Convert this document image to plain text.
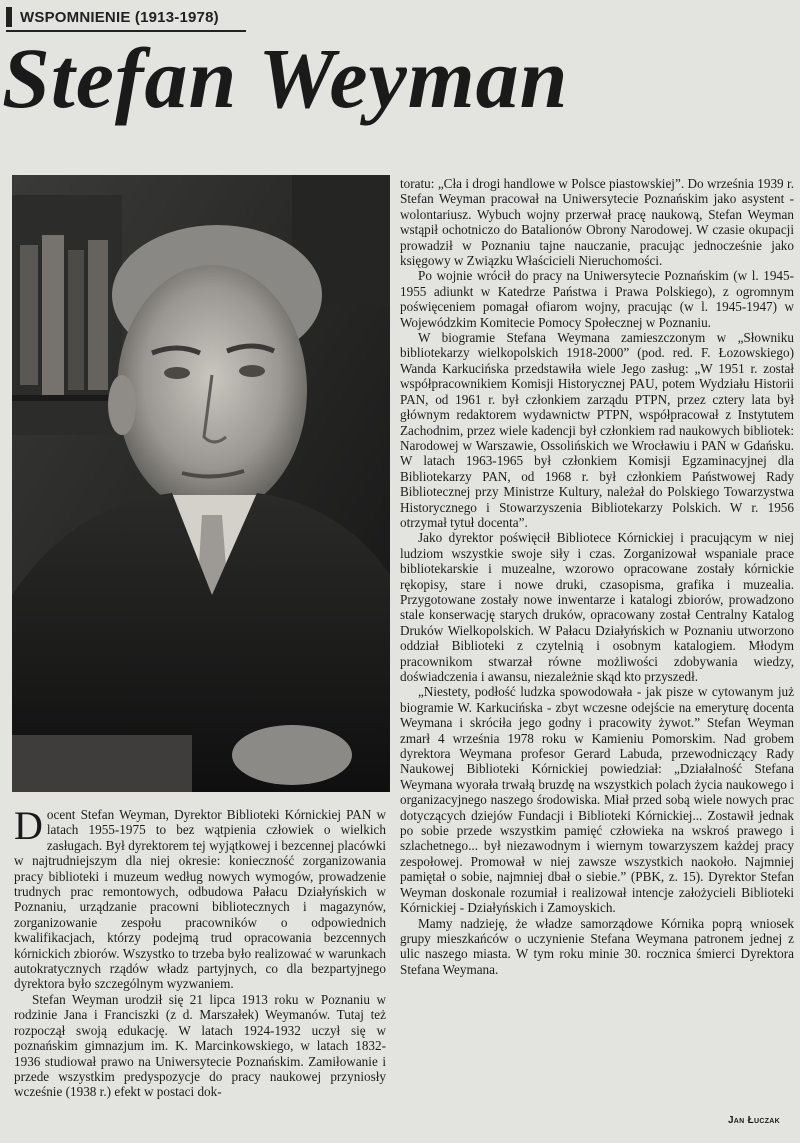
WSPOMNIENIE (1913-1978)
Stefan Weyman

D ocent Stefan Weyman, Dyrektor Biblioteki Kórnickiej PAN w latach 1955-1975 to bez wątpienia człowiek o wielkich zasługach. Był dyrektorem tej wyjątkowej i bezcennej placówki w najtrudniejszym dla niej okresie: konieczność zorganizowania pracy biblioteki i muzeum według nowych wymogów, prowadzenie trudnych prac remontowych, odbudowa Pałacu Działyńskich w Poznaniu, urządzanie pracowni bibliotecznych i magazynów, zorganizowanie zespołu pracowników o odpowiednich kwalifikacjach, którzy podejmą trud opracowania bezcennych kórnickich zbiorów. Wszystko to trzeba było realizować w warunkach autokratycznych rządów władz partyjnych, co dla bezpartyjnego dyrektora było szczególnym wyzwaniem.

Stefan Weyman urodził się 21 lipca 1913 roku w Poznaniu w rodzinie Jana i Franciszki (z d. Marszałek) Weymanów. Tutaj też rozpoczął swoją edukację. W latach 1924-1932 uczył się w poznańskim gimnazjum im. K. Marcinkowskiego, w latach 1832-1936 studiował prawo na Uniwersytecie Poznańskim. Zamiłowanie i przede wszystkim predyspozycje do pracy naukowej przyniosły wcześnie (1938 r.) efekt w postaci dok-

toratu: „Cła i drogi handlowe w Polsce piastowskiej”. Do września 1939 r. Stefan Weyman pracował na Uniwersytecie Poznańskim jako asystent - wolontariusz. Wybuch wojny przerwał pracę naukową, Stefan Weyman wstąpił ochotniczo do Batalionów Obrony Narodowej. W czasie okupacji prowadził w Poznaniu tajne nauczanie, pracując jednocześnie jako księgowy w Związku Właścicieli Nieruchomości.

Po wojnie wrócił do pracy na Uniwersytecie Poznańskim (w l. 1945-1955 adiunkt w Katedrze Państwa i Prawa Polskiego), z ogromnym poświęceniem pomagał ofiarom wojny, pracując (w l. 1945-1947) w Wojewódzkim Komitecie Pomocy Społecznej w Poznaniu.

W biogramie Stefana Weymana zamieszczonym w „Słowniku bibliotekarzy wielkopolskich 1918-2000” (pod. red. F. Łozowskiego) Wanda Karkucińska przedstawiła wiele Jego zasług: „W 1951 r. został współpracownikiem Komisji Historycznej PAU, potem Wydziału Historii PAN, od 1961 r. był członkiem zarządu PTPN, przez cztery lata był głównym redaktorem wydawnictw PTPN, współpracował z Instytutem Zachodnim, przez wiele kadencji był członkiem rad naukowych bibliotek: Narodowej w Warszawie, Ossolińskich we Wrocławiu i PAN w Gdańsku. W latach 1963-1965 był członkiem Komisji Egzaminacyjnej dla Bibliotekarzy PAN, od 1968 r. był członkiem Państwowej Rady Bibliotecznej przy Ministrze Kultury, należał do Polskiego Towarzystwa Historycznego i Stowarzyszenia Bibliotekarzy Polskich. W r. 1956 otrzymał tytuł docenta”.

Jako dyrektor poświęcił Bibliotece Kórnickiej i pracującym w niej ludziom wszystkie swoje siły i czas. Zorganizował wspaniale prace bibliotekarskie i muzealne, wzorowo opracowane zostały kórnickie rękopisy, stare i nowe druki, czasopisma, grafika i muzealia. Przygotowane zostały nowe inwentarze i katalogi zbiorów, prowadzono stale konserwację starych druków, opracowany został Centralny Katalog Druków Wielkopolskich. W Pałacu Działyńskich w Poznaniu utworzono oddział Biblioteki z czytelnią i osobnym katalogiem. Młodym pracownikom stwarzał równe możliwości zdobywania wiedzy, doświadczenia i awansu, niezależnie skąd kto przyszedł.

„Niestety, podłość ludzka spowodowała - jak pisze w cytowanym już biogramie W. Karkucińska - zbyt wczesne odejście na emeryturę docenta Weymana i skróciła jego godny i pracowity żywot.” Stefan Weyman zmarł 4 września 1978 roku w Kamieniu Pomorskim. Nad grobem dyrektora Weymana profesor Gerard Labuda, przewodniczący Rady Naukowej Biblioteki Kórnickiej powiedział: „Działalność Stefana Weymana wyorała trwałą bruzdę na wszystkich polach życia naukowego i organizacyjnego naszego środowiska. Miał przed sobą wiele nowych prac dotyczących dziejów Fundacji i Biblioteki Kórnickiej... Zostawił jednak po sobie przede wszystkim pamięć człowieka na wskroś prawego i szlachetnego... był niezawodnym i wiernym towarzyszem każdej pracy zespołowej. Promował w niej zawsze wszystkich naokoło. Najmniej pamiętał o sobie, najmniej dbał o siebie.” (PBK, z. 15). Dyrektor Stefan Weyman doskonale rozumiał i realizował intencje założycieli Biblioteki Kórnickiej - Działyńskich i Zamoyskich.

Mamy nadzieję, że władze samorządowe Kórnika poprą wniosek grupy mieszkańców o uczynienie Stefana Weymana patronem jednej z ulic naszego miasta. W tym roku minie 30. rocznica śmierci Dyrektora Stefana Weymana.

Jan Łuczak
